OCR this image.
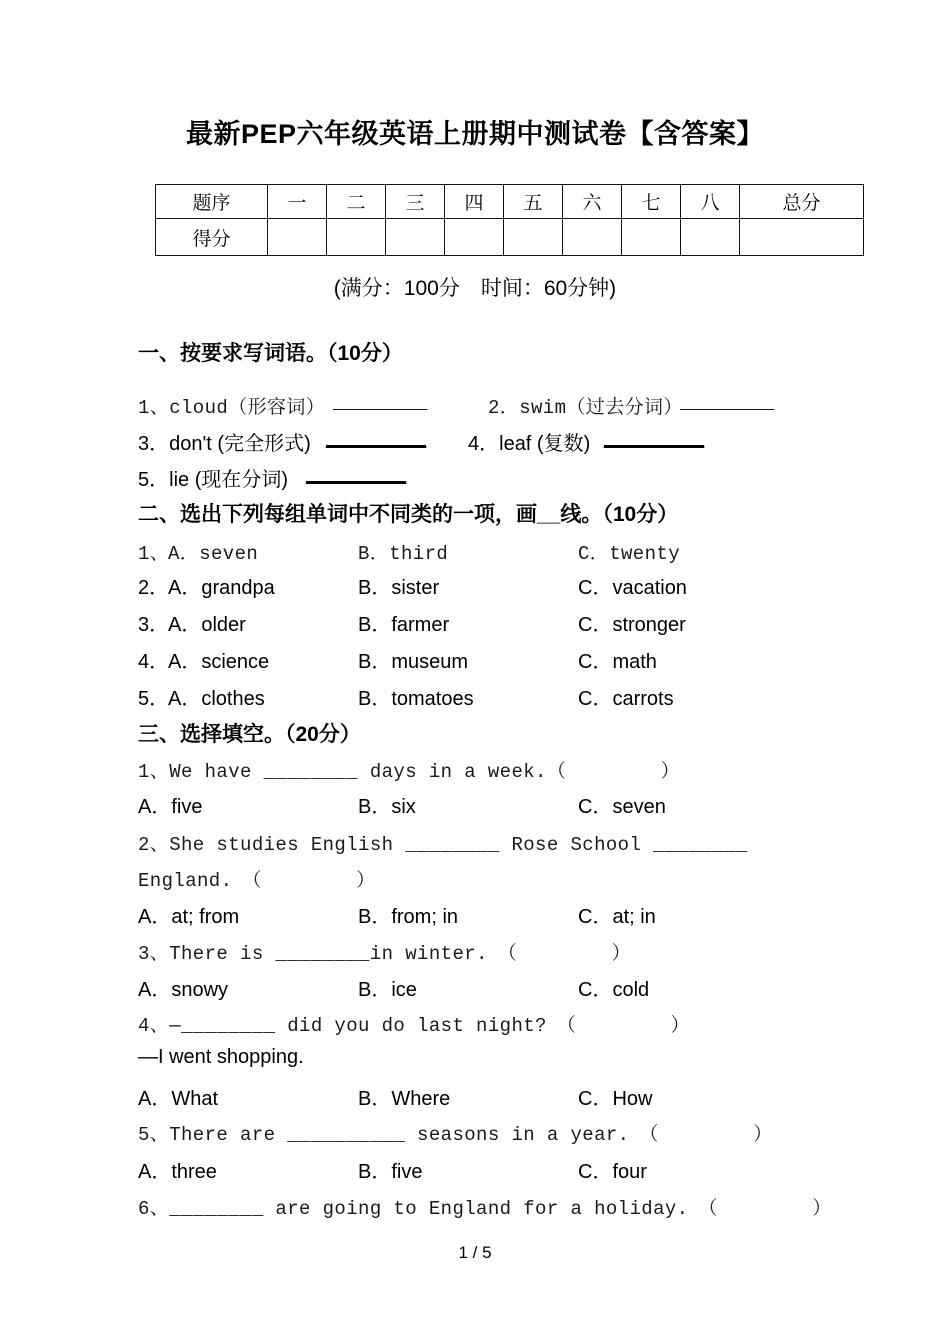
最新PEP六年级英语上册期中测试卷【含答案】
题序	一	二	三	四	五	六	七	八	总分
得分									
(满分：100分　时间：60分钟)
一、按要求写词语。（10分）
1、cloud（形容词） ________	2．swim（过去分词）
________
3．don't (完全形式) _________ 4．leaf (复数) _________
5．lie (现在分词) _________
二、选出下列每组单词中不同类的一项，画__线。（10分）
1、
A．seven	B．third	C．twenty
2．
A．grandpa	B．sister	C．vacation
3．
A．older	B．farmer	C．stronger
4．
A．science	B．museum	C．math
5．
A．clothes	B．tomatoes	C．carrots
三、选择填空。（20分）
1、We have ________ days in a week.（        ）
A．five	B．six	C．seven
2、She studies English ________ Rose School ________
England.　（        ）
A．at; from	B．from; in	C．at; in
3、There is ________in winter.　（        ）
A．snowy	B．ice	C．cold
4、—________ did you do last night?　（        ）
—I went shopping.
A．What	B．Where	C．How
5、There are __________ seasons in a year.　（        ）
A．three	B．five	C．four
6、________ are going to England for a holiday.　（        ）
1 / 5
